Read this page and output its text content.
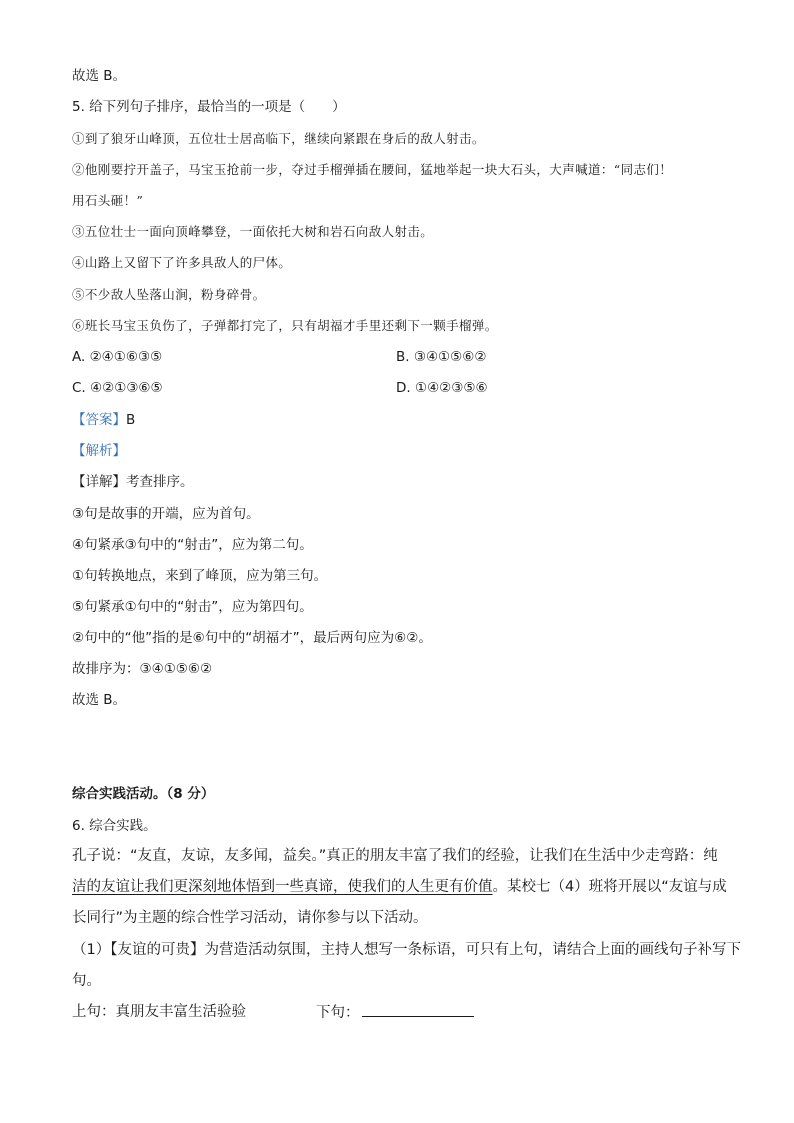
故选 B。
5. 给下列句子排序，最恰当的一项是（　　）
①到了狼牙山峰顶，五位壮士居高临下，继续向紧跟在身后的敌人射击。
②他刚要拧开盖子，马宝玉抢前一步，夺过手榴弹插在腰间，猛地举起一块大石头，大声喊道：“同志们！
用石头砸！”
③五位壮士一面向顶峰攀登，一面依托大树和岩石向敌人射击。
④山路上又留下了许多具敌人的尸体。
⑤不少敌人坠落山涧，粉身碎骨。
⑥班长马宝玉负伤了，子弹都打完了，只有胡福才手里还剩下一颗手榴弹。
A. ②④①⑥③⑤	B. ③④①⑤⑥②
C. ④②①③⑥⑤	D. ①④②③⑤⑥
【答案】B
【解析】
【详解】考查排序。
③句是故事的开端，应为首句。
④句紧承③句中的“射击”，应为第二句。
①句转换地点，来到了峰顶，应为第三句。
⑤句紧承①句中的“射击”，应为第四句。
②句中的“他”指的是⑥句中的“胡福才”，最后两句应为⑥②。
故排序为：③④①⑤⑥②
故选 B。
综合实践活动。（8 分）
6. 综合实践。
孔子说：“友直，友谅，友多闻，益矣。”真正的朋友丰富了我们的经验，让我们在生活中少走弯路：纯
洁的友谊让我们更深刻地体悟到一些真谛，使我们的人生更有价值。某校七（4）班将开展以“友谊与成
长同行”为主题的综合性学习活动，请你参与以下活动。
（1）【友谊的可贵】为营造活动氛围，主持人想写一条标语，可只有上句，请结合上面的画线句子补写下
句。
上句：真朋友丰富生活验验	下句：
